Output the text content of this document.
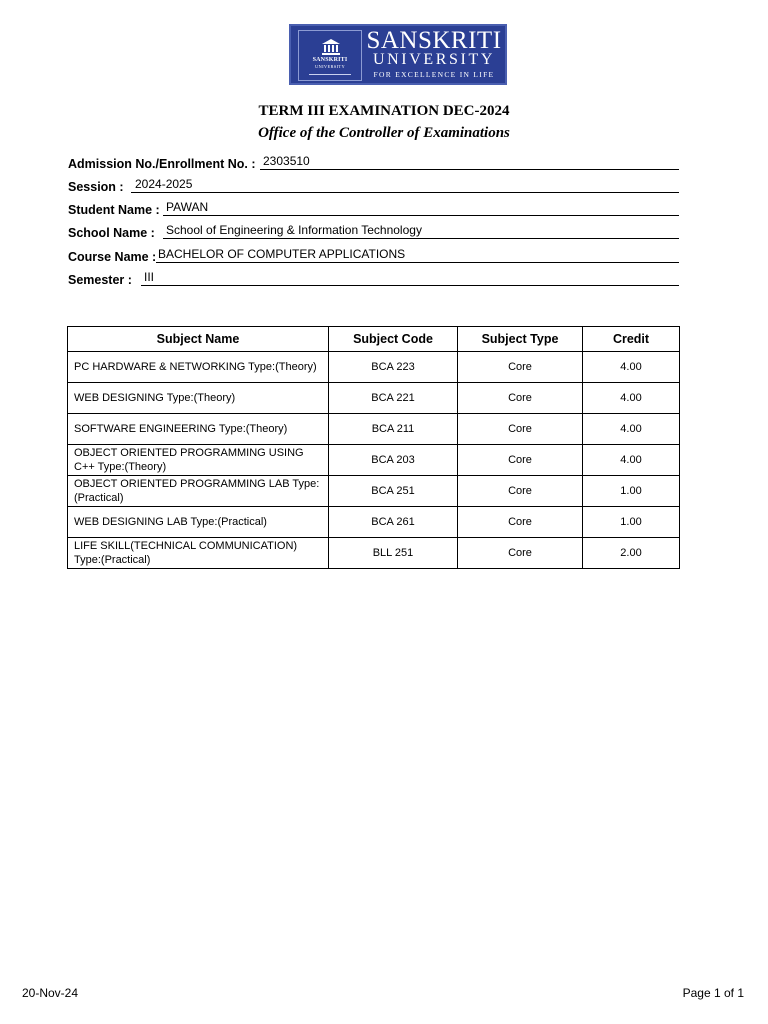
SANSKRITI
UNIVERSITY
SANSKRITI
UNIVERSITY
FOR EXCELLENCE IN LIFE
TERM III EXAMINATION DEC-2024
Office of the Controller of Examinations
Admission No./Enrollment No. : 2303510
Session : 2024-2025
Student Name : PAWAN
School Name : School of Engineering & Information Technology
Course Name : BACHELOR OF COMPUTER APPLICATIONS
Semester : III
Subject Name	Subject Code	Subject Type	Credit
PC HARDWARE & NETWORKING Type:(Theory)	BCA 223	Core	4.00
WEB DESIGNING Type:(Theory)	BCA 221	Core	4.00
SOFTWARE ENGINEERING Type:(Theory)	BCA 211	Core	4.00
OBJECT ORIENTED PROGRAMMING USING C++ Type:(Theory)	BCA 203	Core	4.00
OBJECT ORIENTED PROGRAMMING LAB Type:(Practical)	BCA 251	Core	1.00
WEB DESIGNING LAB Type:(Practical)	BCA 261	Core	1.00
LIFE SKILL(TECHNICAL COMMUNICATION) Type:(Practical)	BLL 251	Core	2.00
20-Nov-24	Page 1 of 1
